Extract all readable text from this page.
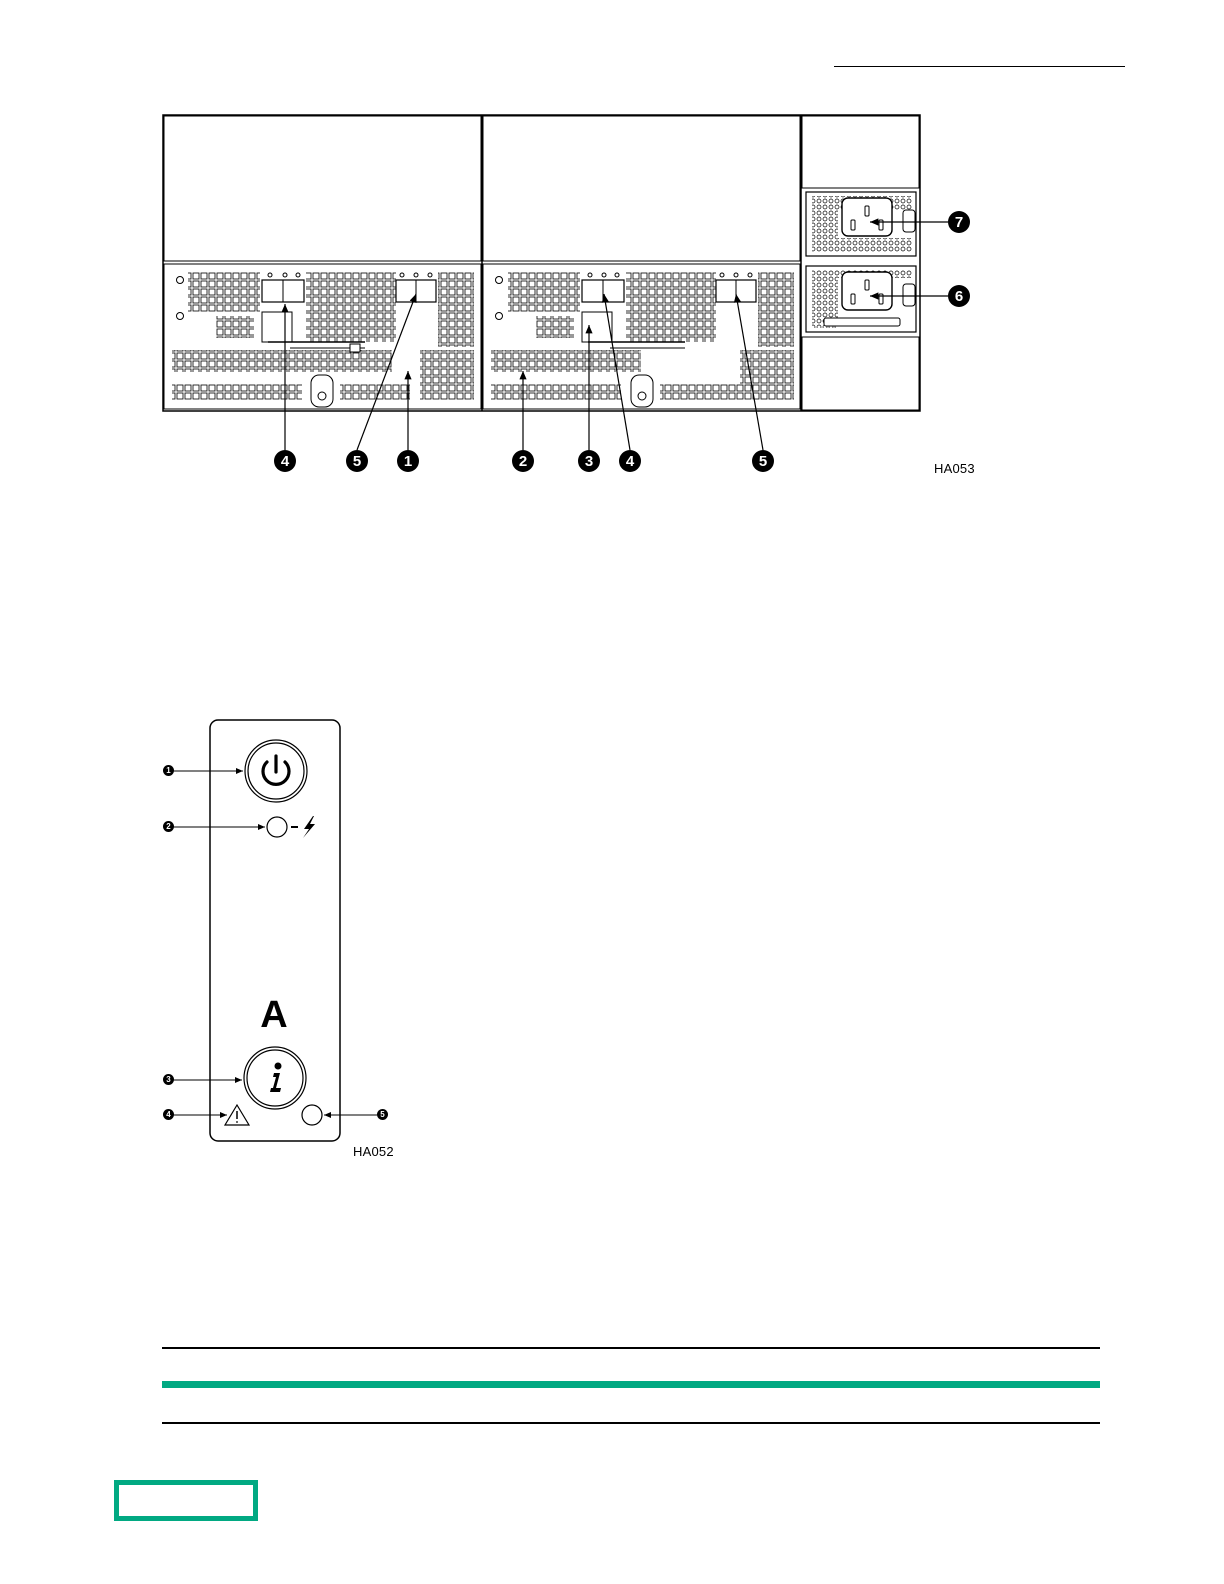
4	5	1	2	3	4	5
7
6
HA053
A
1
2
3
4	5
HA052
